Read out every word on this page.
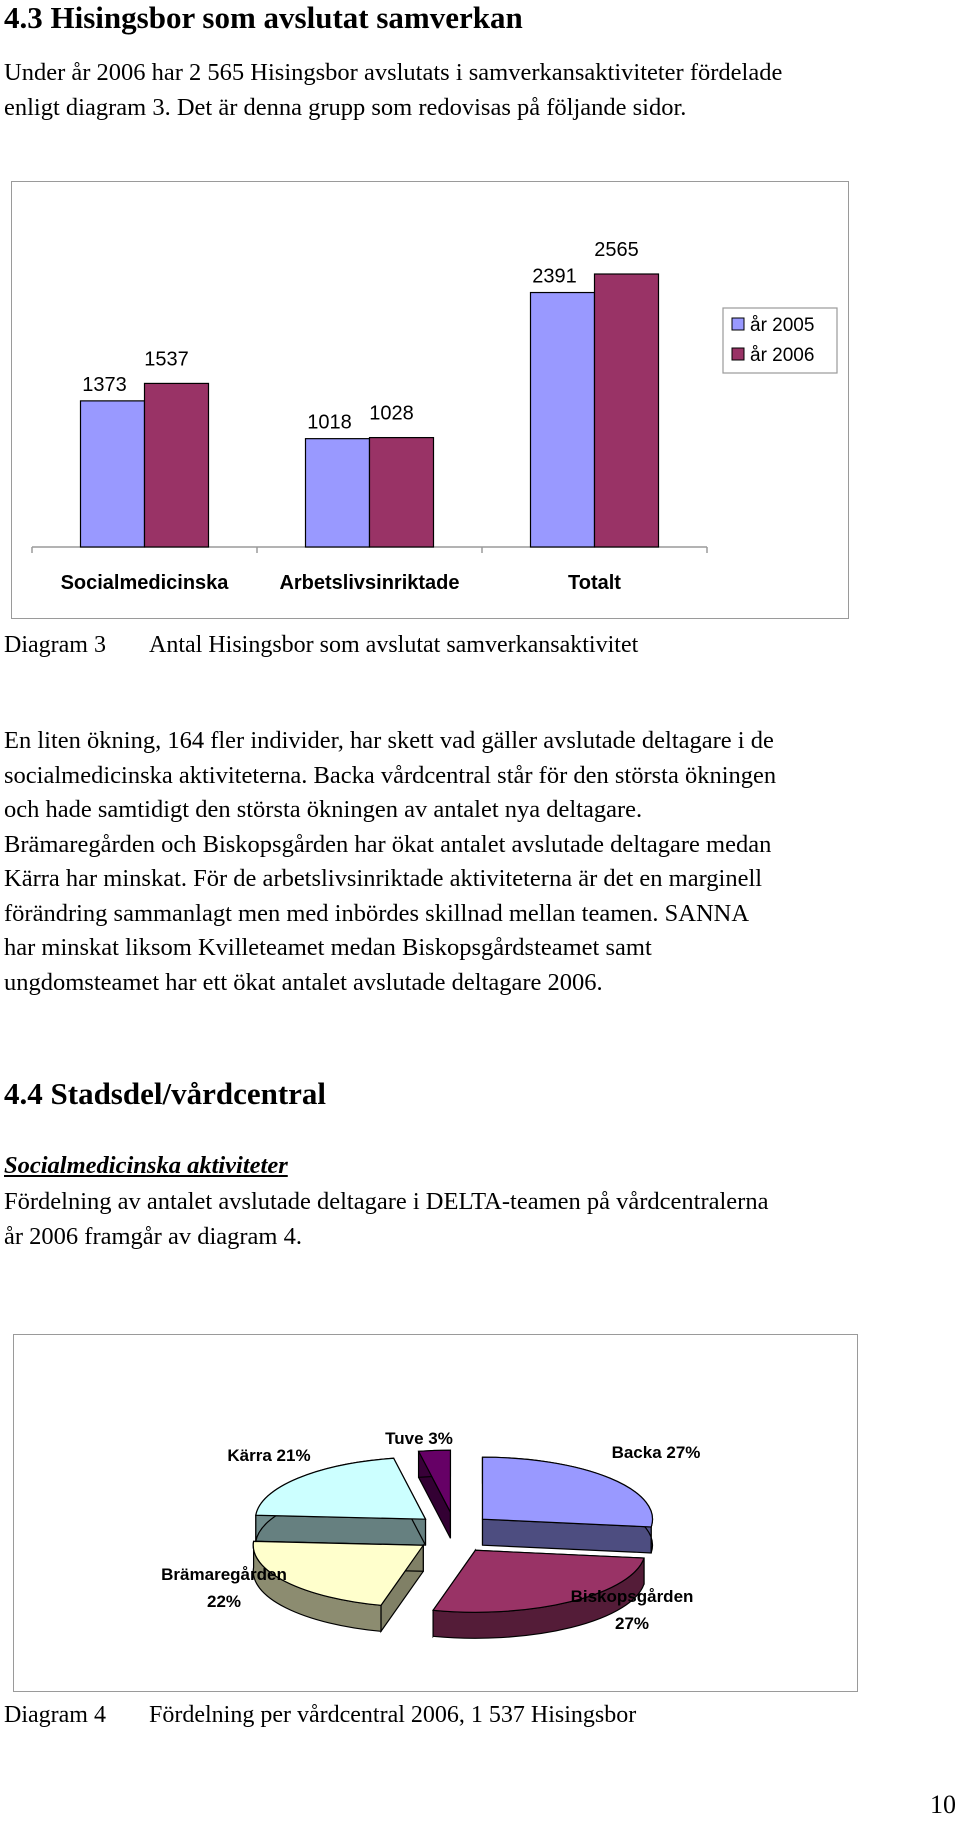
4.3 Hisingsbor som avslutat samverkan

Under år 2006 har 2 565 Hisingsbor avslutats i samverkansaktiviteter fördelade

enligt diagram 3. Det är denna grupp som redovisas på följande sidor.

1373
1537
Socialmedicinska
1018 1028
Arbetslivsinriktade
2391
2565
Totalt
år 2005
år 2006
Diagram 3 Antal Hisingsbor som avslutat samverkansaktivitet

En liten ökning, 164 fler individer, har skett vad gäller avslutade deltagare i de

socialmedicinska aktiviteterna. Backa vårdcentral står för den största ökningen

och hade samtidigt den största ökningen av antalet nya deltagare.

Brämaregården och Biskopsgården har ökat antalet avslutade deltagare medan

Kärra har minskat. För de arbetslivsinriktade aktiviteterna är det en marginell

förändring sammanlagt men med inbördes skillnad mellan teamen. SANNA

har minskat liksom Kvilleteamet medan Biskopsgårdsteamet samt

ungdomsteamet har ett ökat antalet avslutade deltagare 2006.

4.4 Stadsdel/vårdcentral
Socialmedicinska aktiviteter

Fördelning av antalet avslutade deltagare i DELTA-teamen på vårdcentralerna

år 2006 framgår av diagram 4.

Backa 27%
Biskopsgården 27%
Brämaregården 22%
Kärra 21%
Tuve 3%
Diagram 4 Fördelning per vårdcentral 2006, 1 537 Hisingsbor
10
